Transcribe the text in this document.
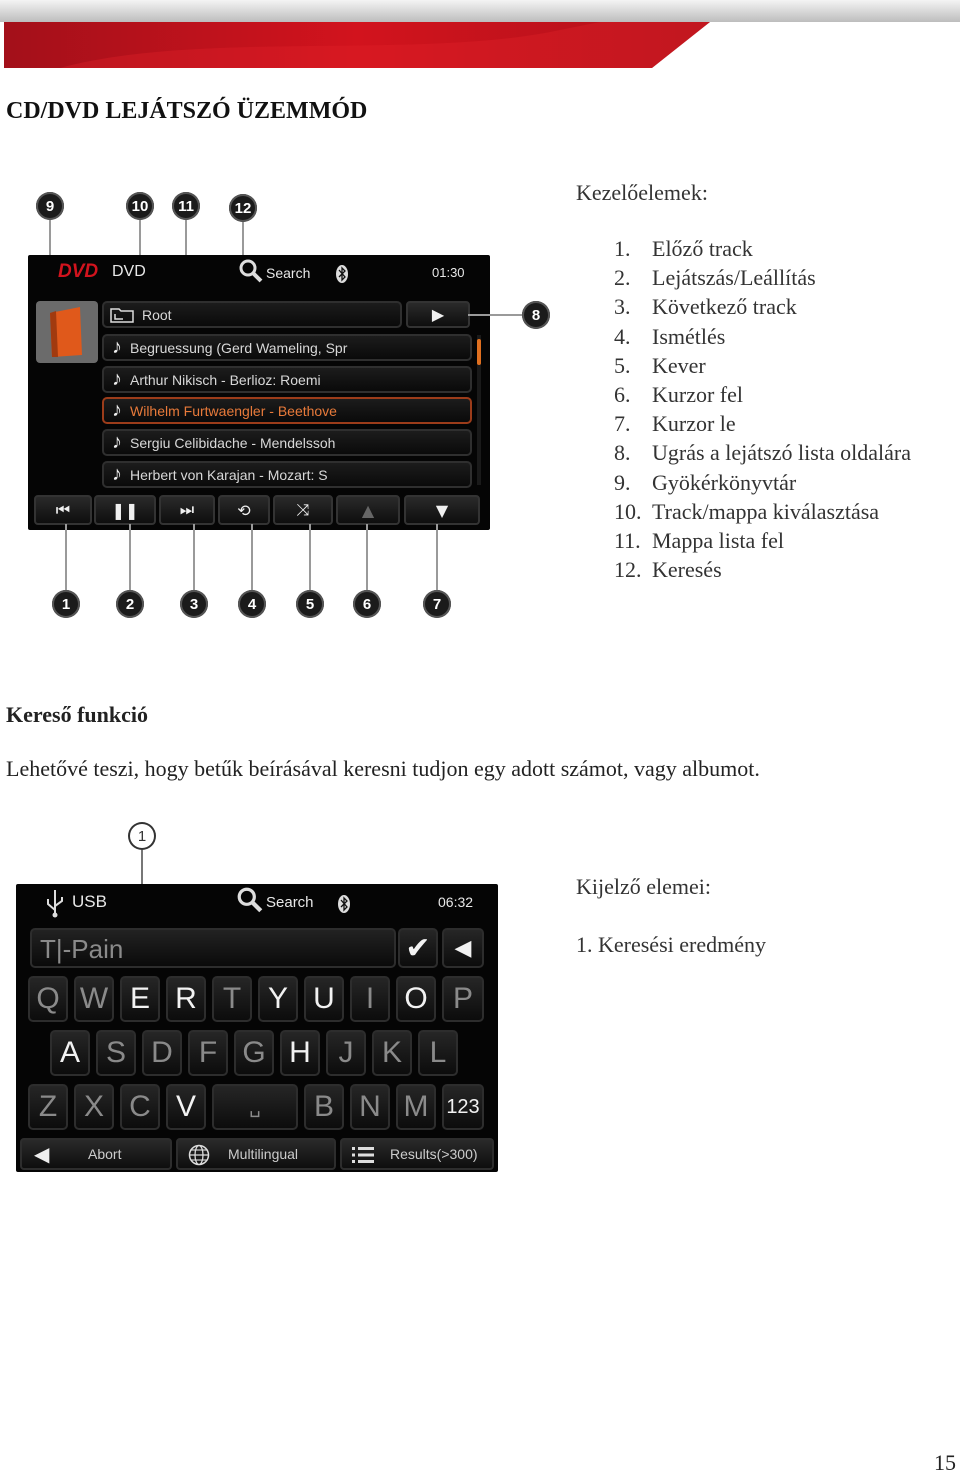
CD/DVD LEJÁTSZÓ ÜZEMMÓD
9	10	11	12
DVD DVD	Search	01:30
Root	▶
♪ Begruessung (Gerd Wameling, Spr
♪ Arthur Nikisch - Berlioz: Roemi
♪ Wilhelm Furtwaengler - Beethove
♪ Sergiu Celibidache - Mendelssoh
♪ Herbert von Karajan - Mozart: S
⏮	❚❚	⏭	⟲	⤨	▲	▼
8
1	2	3	4	5	6	7
Kezelőelemek:
1. Előző track
2. Lejátszás/Leállítás
3. Következő track
4. Ismétlés
5. Kever
6. Kurzor fel
7. Kurzor le
8. Ugrás a lejátszó lista oldalára
9. Gyökérkönyvtár
10. Track/mappa kiválasztása
11. Mappa lista fel
12. Keresés
Kereső funkció
Lehetővé teszi, hogy betűk beírásával keresni tudjon egy adott számot, vagy albumot.
1
USB	Search	06:32
T|-Pain	✔ ◀
Q W E R T Y U	I	O P
A S D F G H J K L
Z X C V	␣	B N M 123
◀	Abort	Multilingual	Results(>300)
Kijelző elemei:
1. Keresési eredmény
15
